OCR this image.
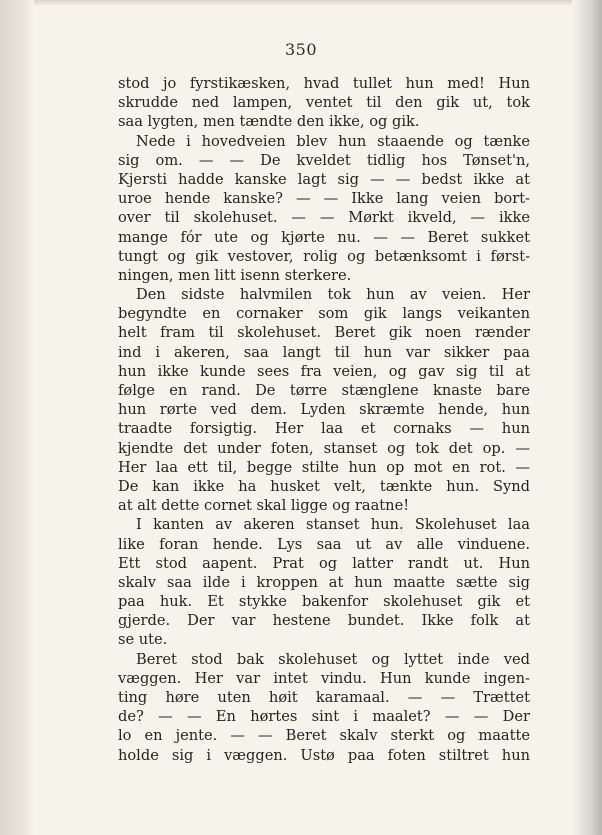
350
stod jo fyrstikæsken, hvad tullet hun med! Hun
skrudde ned lampen, ventet til den gik ut, tok
saa lygten, men tændte den ikke, og gik.
Nede i hovedveien blev hun staaende og tænke
sig om. — — De kveldet tidlig hos Tønset'n,
Kjersti hadde kanske lagt sig — — bedst ikke at
uroe hende kanske? — — Ikke lang veien bort-
over til skolehuset. — — Mørkt ikveld, — ikke
mange fór ute og kjørte nu. — — Beret sukket
tungt og gik vestover, rolig og betænksomt i først-
ningen, men litt isenn sterkere.
Den sidste halvmilen tok hun av veien. Her
begyndte en cornaker som gik langs veikanten
helt fram til skolehuset. Beret gik noen rænder
ind i akeren, saa langt til hun var sikker paa
hun ikke kunde sees fra veien, og gav sig til at
følge en rand. De tørre stænglene knaste bare
hun rørte ved dem. Lyden skræmte hende, hun
traadte forsigtig. Her laa et cornaks — hun
kjendte det under foten, stanset og tok det op. —
Her laa ett til, begge stilte hun op mot en rot. —
De kan ikke ha husket velt, tænkte hun. Synd
at alt dette cornet skal ligge og raatne!
I kanten av akeren stanset hun. Skolehuset laa
like foran hende. Lys saa ut av alle vinduene.
Ett stod aapent. Prat og latter randt ut. Hun
skalv saa ilde i kroppen at hun maatte sætte sig
paa huk. Et stykke bakenfor skolehuset gik et
gjerde. Der var hestene bundet. Ikke folk at
se ute.
Beret stod bak skolehuset og lyttet inde ved
væggen. Her var intet vindu. Hun kunde ingen-
ting høre uten høit karamaal. — — Trættet
de? — — En hørtes sint i maalet? — — Der
lo en jente. — — Beret skalv sterkt og maatte
holde sig i væggen. Ustø paa foten stiltret hun
